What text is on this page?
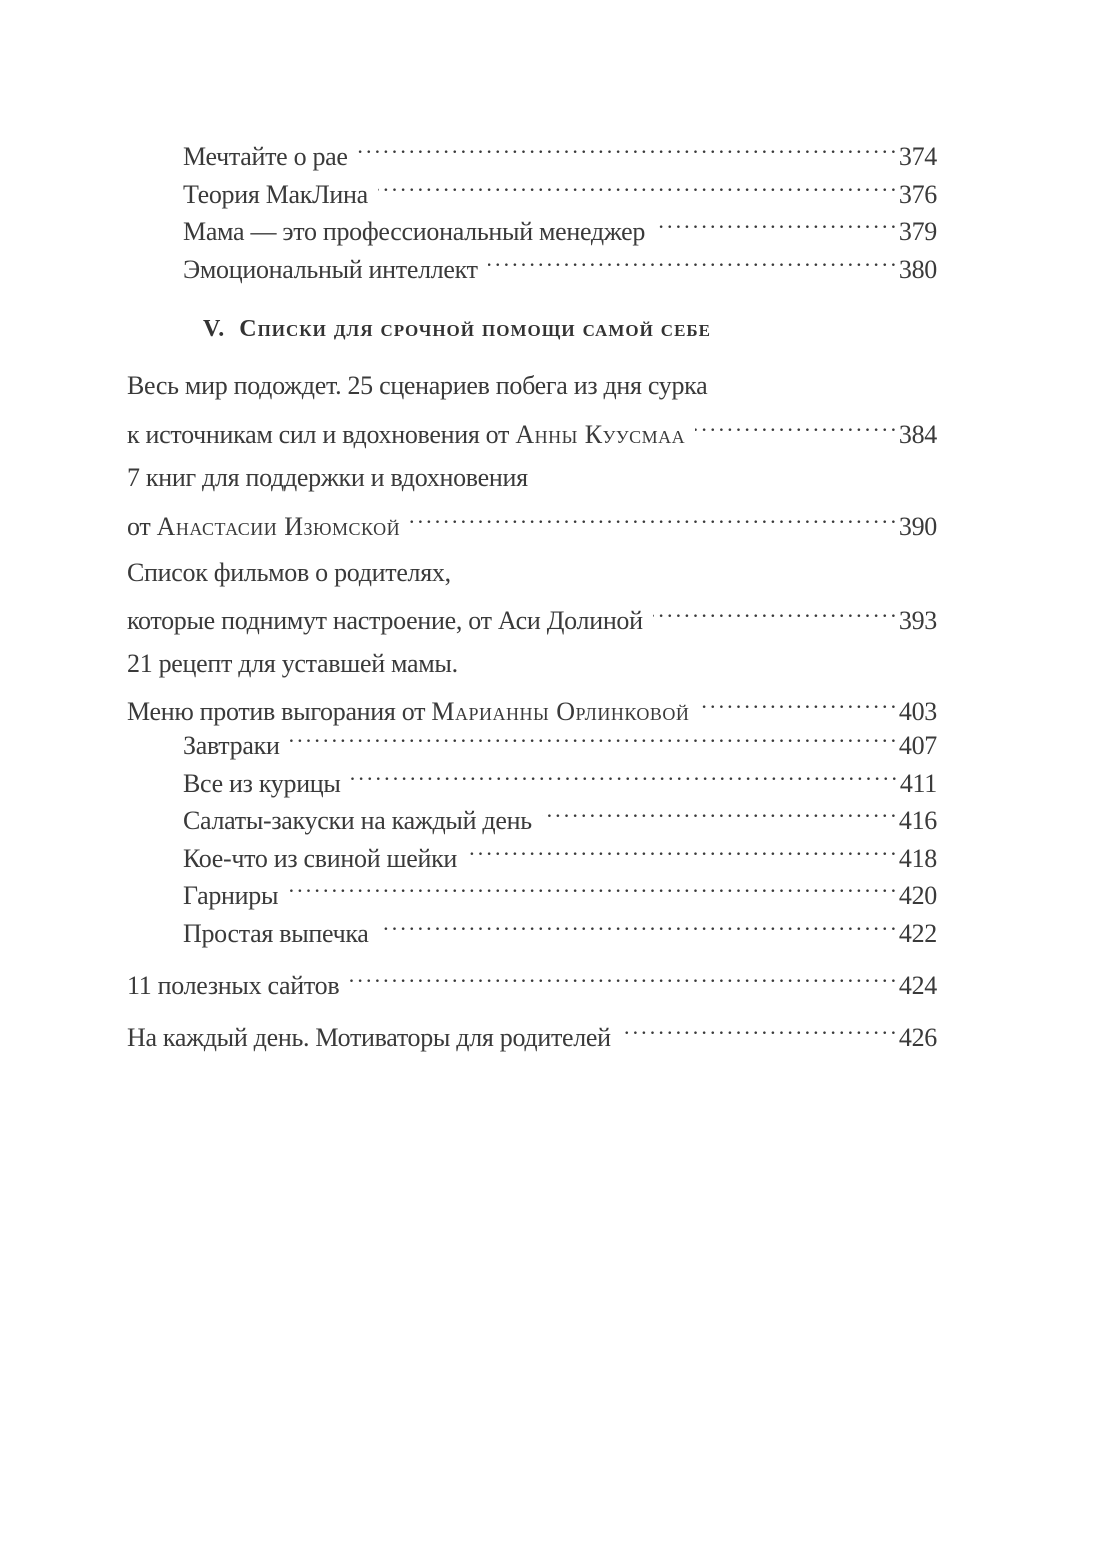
Мечтайте о рае . . .	374
Теория МакЛина . . .	376
Мама — это профессиональный менеджер . . .	379
Эмоциональный интеллект . . .	380
V. Списки для срочной помощи самой себе
Весь мир подождет. 25 сценариев побега из дня сурка
к источникам сил и вдохновения от Анны Куусмаа . . .	384
7 книг для поддержки и вдохновения
от Анастасии Изюмской . . .	390
Список фильмов о родителях,
которые поднимут настроение, от Аси Долиной . . .	393
21 рецепт для уставшей мамы.
Меню против выгорания от Марианны Орлинковой . . .	403
Завтраки . . .	407
Все из курицы . . .	411
Салаты-закуски на каждый день . . .	416
Кое-что из свиной шейки . . .	418
Гарниры . . .	420
Простая выпечка . . .	422
11 полезных сайтов . . .	424
На каждый день. Мотиваторы для родителей . . .	426
